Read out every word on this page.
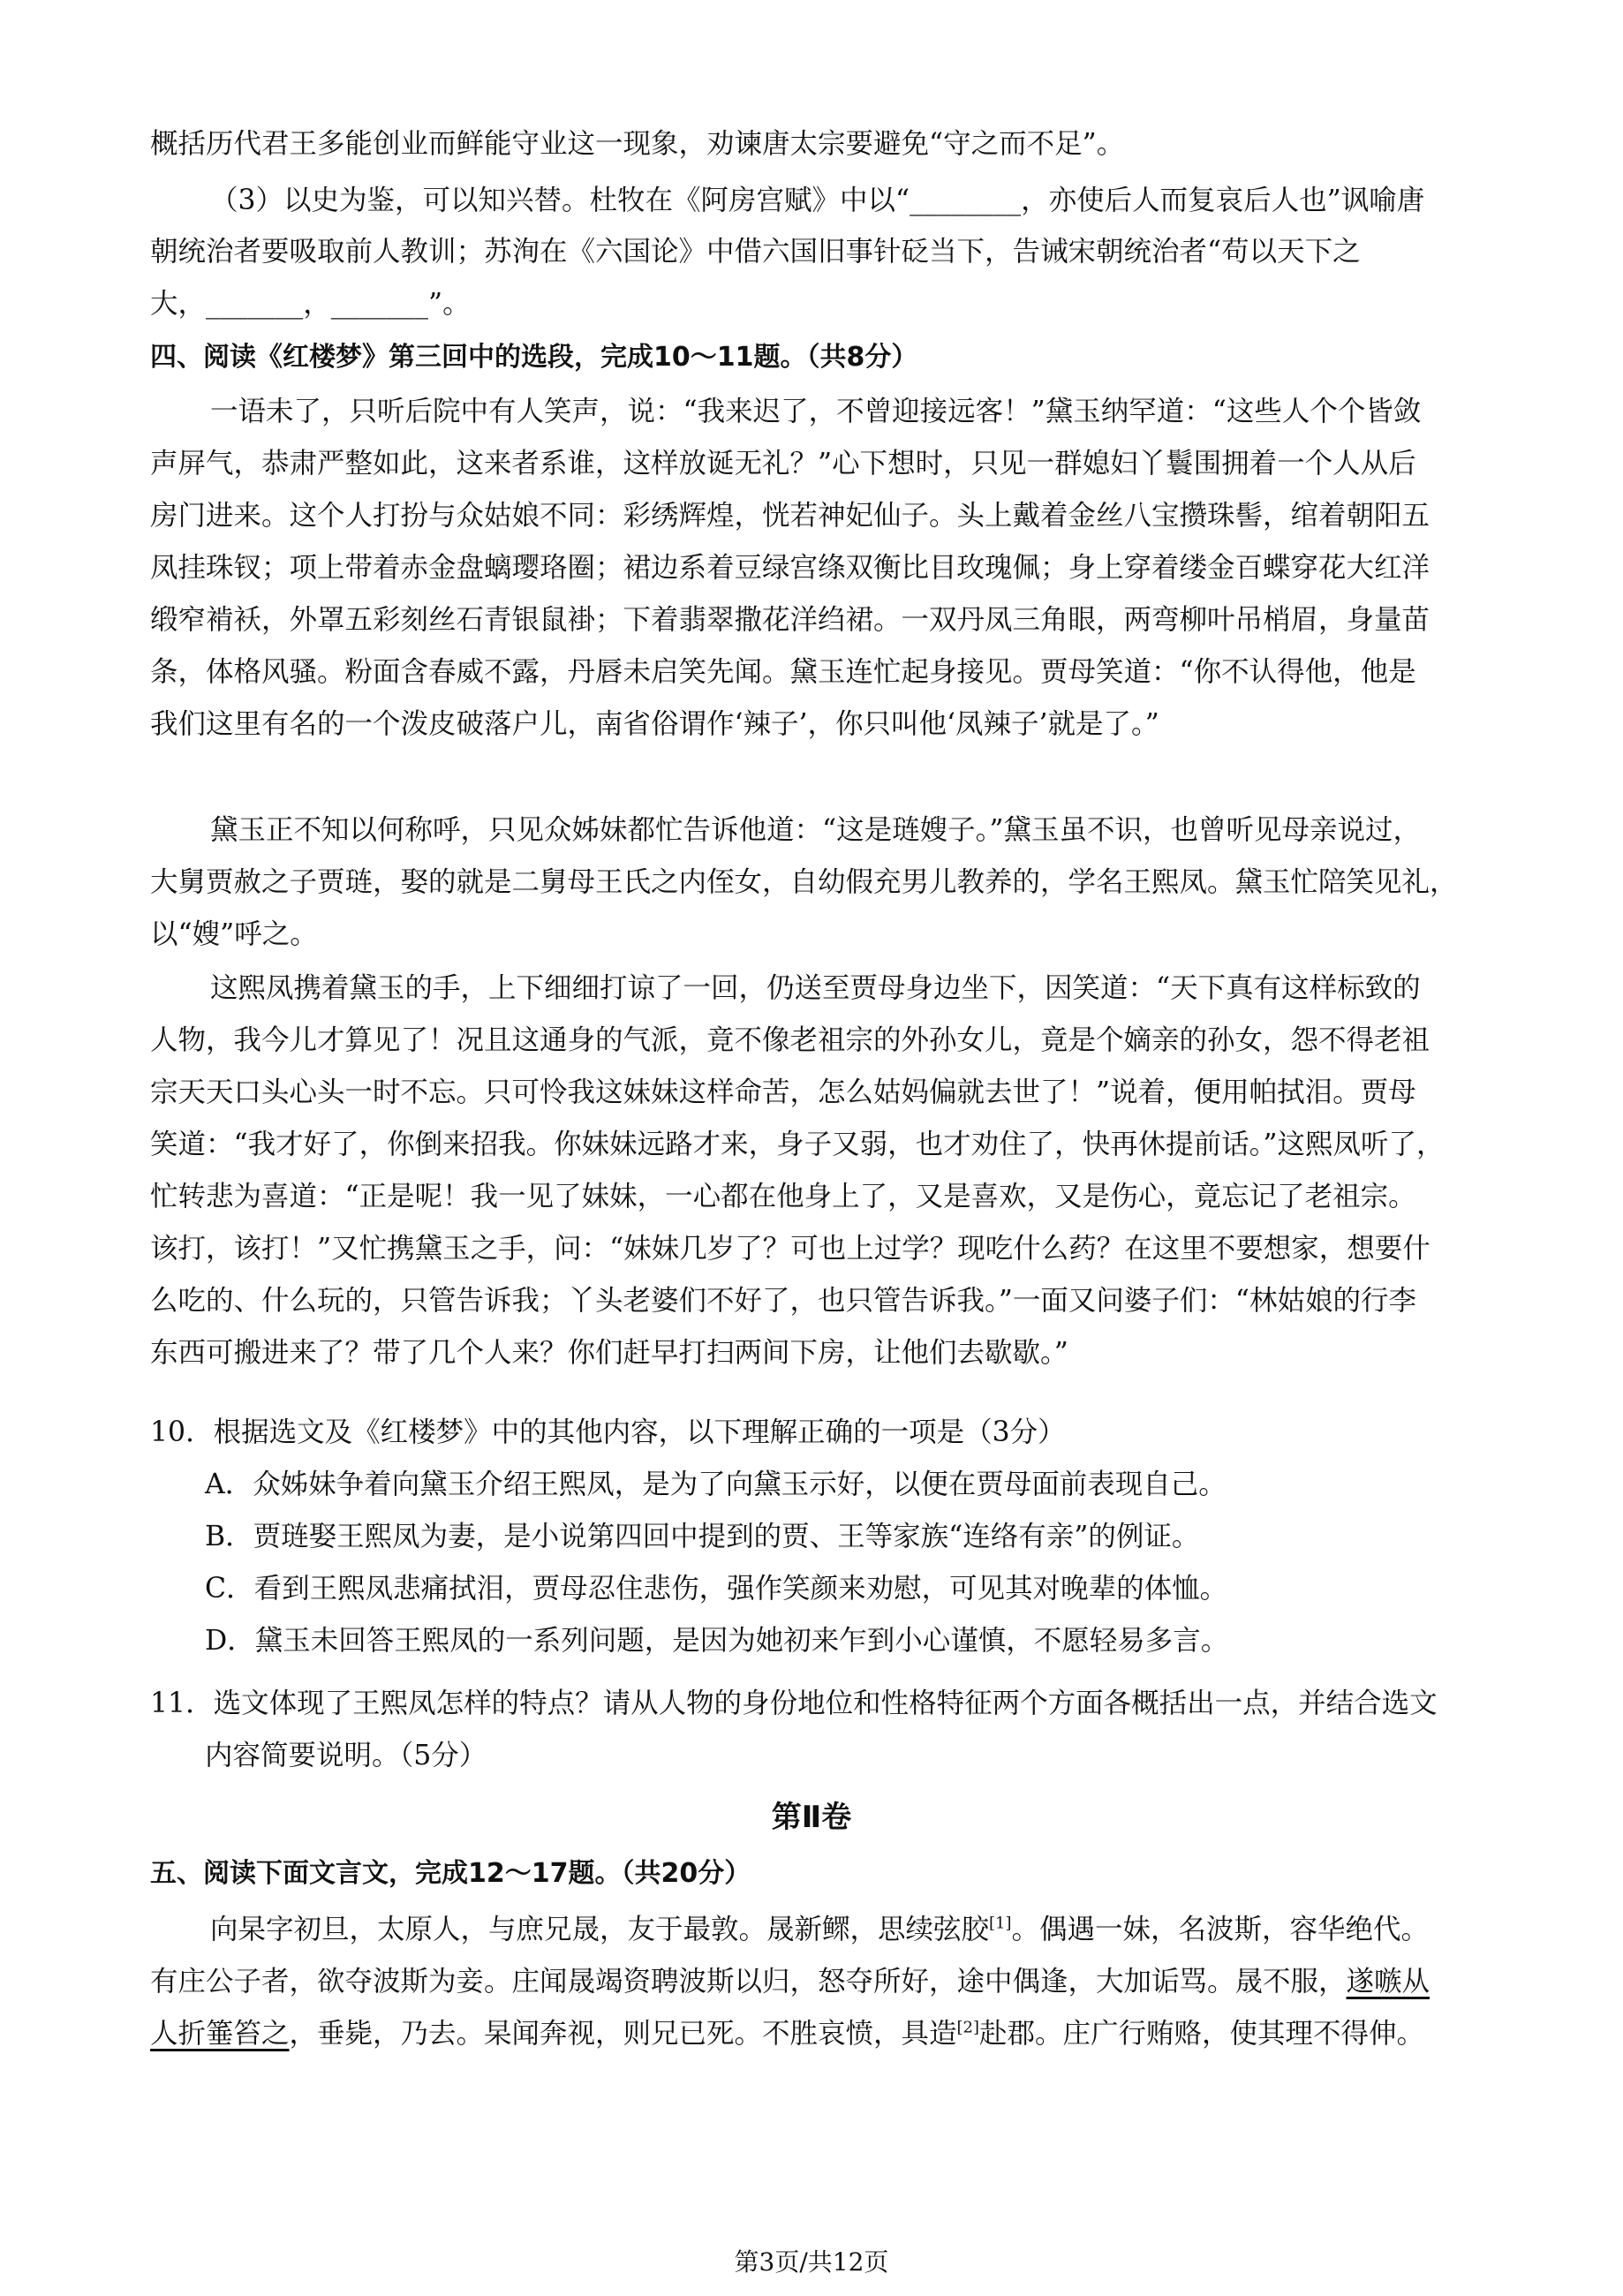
概括历代君王多能创业而鲜能守业这一现象，劝谏唐太宗要避免“守之而不足”。

（3）以史为鉴，可以知兴替。杜牧在《阿房宫赋》中以“________，亦使后人而复哀后人也”讽喻唐

朝统治者要吸取前人教训；苏洵在《六国论》中借六国旧事针砭当下，告诫宋朝统治者“苟以天下之

大，_______，_______”。

四、阅读《红楼梦》第三回中的选段，完成10～11题。（共8分）

一语未了，只听后院中有人笑声，说：“我来迟了，不曾迎接远客！”黛玉纳罕道：“这些人个个皆敛

声屏气，恭肃严整如此，这来者系谁，这样放诞无礼？”心下想时，只见一群媳妇丫鬟围拥着一个人从后

房门进来。这个人打扮与众姑娘不同：彩绣辉煌，恍若神妃仙子。头上戴着金丝八宝攒珠髻，绾着朝阳五

凤挂珠钗；项上带着赤金盘螭璎珞圈；裙边系着豆绿宫绦双衡比目玫瑰佩；身上穿着缕金百蝶穿花大红洋

缎窄褃袄，外罩五彩刻丝石青银鼠褂；下着翡翠撒花洋绉裙。一双丹凤三角眼，两弯柳叶吊梢眉，身量苗

条，体格风骚。粉面含春威不露，丹唇未启笑先闻。黛玉连忙起身接见。贾母笑道：“你不认得他，他是

我们这里有名的一个泼皮破落户儿，南省俗谓作‘辣子’，你只叫他‘凤辣子’就是了。”

黛玉正不知以何称呼，只见众姊妹都忙告诉他道：“这是琏嫂子。”黛玉虽不识，也曾听见母亲说过，

大舅贾赦之子贾琏，娶的就是二舅母王氏之内侄女，自幼假充男儿教养的，学名王熙凤。黛玉忙陪笑见礼，

以“嫂”呼之。

这熙凤携着黛玉的手，上下细细打谅了一回，仍送至贾母身边坐下，因笑道：“天下真有这样标致的

人物，我今儿才算见了！况且这通身的气派，竟不像老祖宗的外孙女儿，竟是个嫡亲的孙女，怨不得老祖

宗天天口头心头一时不忘。只可怜我这妹妹这样命苦，怎么姑妈偏就去世了！”说着，便用帕拭泪。贾母

笑道：“我才好了，你倒来招我。你妹妹远路才来，身子又弱，也才劝住了，快再休提前话。”这熙凤听了，

忙转悲为喜道：“正是呢！我一见了妹妹，一心都在他身上了，又是喜欢，又是伤心，竟忘记了老祖宗。

该打，该打！”又忙携黛玉之手，问：“妹妹几岁了？可也上过学？现吃什么药？在这里不要想家，想要什

么吃的、什么玩的，只管告诉我；丫头老婆们不好了，也只管告诉我。”一面又问婆子们：“林姑娘的行李

东西可搬进来了？带了几个人来？你们赶早打扫两间下房，让他们去歇歇。”

10．根据选文及《红楼梦》中的其他内容，以下理解正确的一项是（3分）

A．众姊妹争着向黛玉介绍王熙凤，是为了向黛玉示好，以便在贾母面前表现自己。

B．贾琏娶王熙凤为妻，是小说第四回中提到的贾、王等家族“连络有亲”的例证。

C．看到王熙凤悲痛拭泪，贾母忍住悲伤，强作笑颜来劝慰，可见其对晚辈的体恤。

D．黛玉未回答王熙凤的一系列问题，是因为她初来乍到小心谨慎，不愿轻易多言。

11．选文体现了王熙凤怎样的特点？请从人物的身份地位和性格特征两个方面各概括出一点，并结合选文

内容简要说明。（5分）

第Ⅱ卷

五、阅读下面文言文，完成12～17题。（共20分）

向杲字初旦，太原人，与庶兄晟，友于最敦。晟新鳏，思续弦胶[1]。偶遇一妹，名波斯，容华绝代。

有庄公子者，欲夺波斯为妾。庄闻晟竭资聘波斯以归，怒夺所好，途中偶逢，大加诟骂。晟不服，遂嗾从

人折箠笞之，垂毙，乃去。杲闻奔视，则兄已死。不胜哀愤，具造[2]赴郡。庄广行贿赂，使其理不得伸。

第3页/共12页
